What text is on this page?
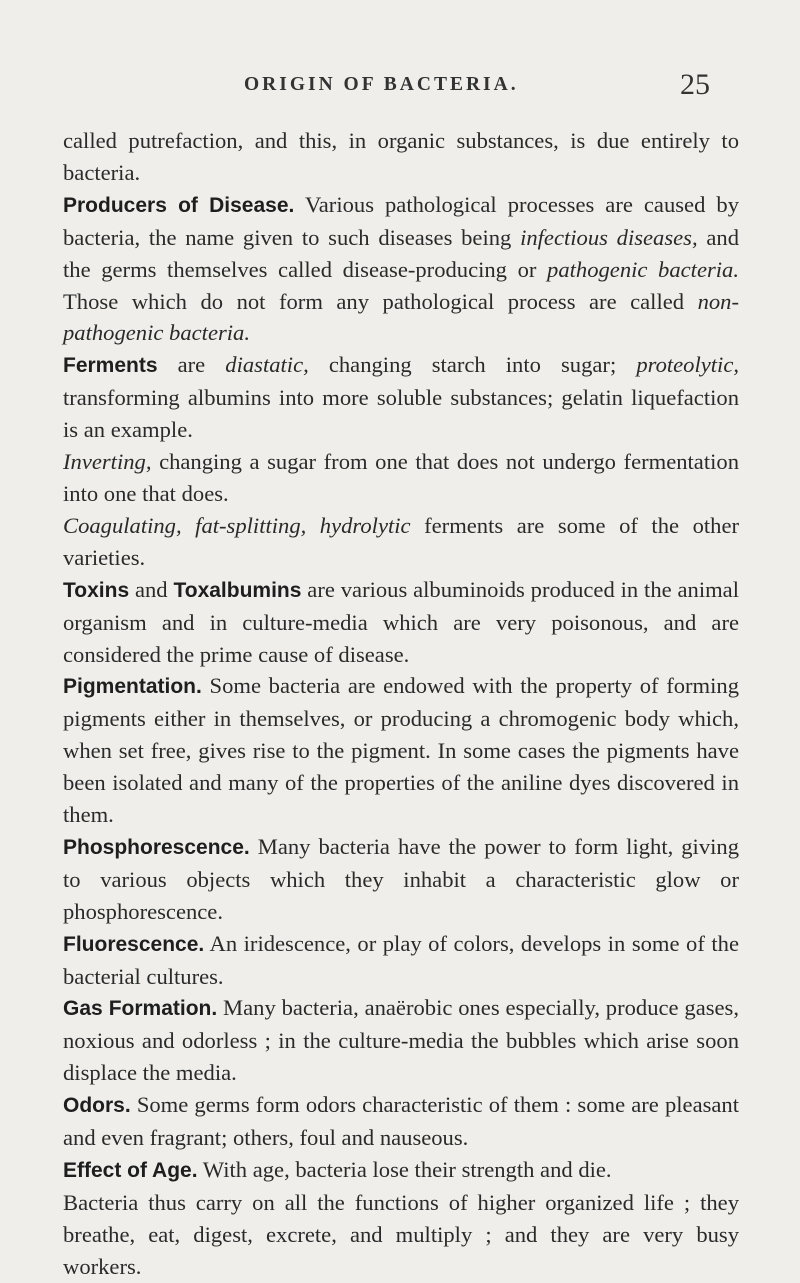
ORIGIN OF BACTERIA.	25

called putrefaction, and this, in organic substances, is due entirely to bacteria.

Producers of Disease. Various pathological processes are caused by bacteria, the name given to such diseases being infectious diseases, and the germs themselves called disease-producing or pathogenic bacteria. Those which do not form any pathological process are called non-pathogenic bacteria.

Ferments are diastatic, changing starch into sugar; proteolytic, transforming albumins into more soluble substances; gelatin liquefaction is an example.

Inverting, changing a sugar from one that does not undergo fermentation into one that does.

Coagulating, fat-splitting, hydrolytic ferments are some of the other varieties.

Toxins and Toxalbumins are various albuminoids produced in the animal organism and in culture-media which are very poisonous, and are considered the prime cause of disease.

Pigmentation. Some bacteria are endowed with the property of forming pigments either in themselves, or producing a chromogenic body which, when set free, gives rise to the pigment. In some cases the pigments have been isolated and many of the properties of the aniline dyes discovered in them.

Phosphorescence. Many bacteria have the power to form light, giving to various objects which they inhabit a characteristic glow or phosphorescence.

Fluorescence. An iridescence, or play of colors, develops in some of the bacterial cultures.

Gas Formation. Many bacteria, anaërobic ones especially, produce gases, noxious and odorless ; in the culture-media the bubbles which arise soon displace the media.

Odors. Some germs form odors characteristic of them : some are pleasant and even fragrant; others, foul and nauseous.

Effect of Age. With age, bacteria lose their strength and die.

Bacteria thus carry on all the functions of higher organized life ; they breathe, eat, digest, excrete, and multiply ; and they are very busy workers.
